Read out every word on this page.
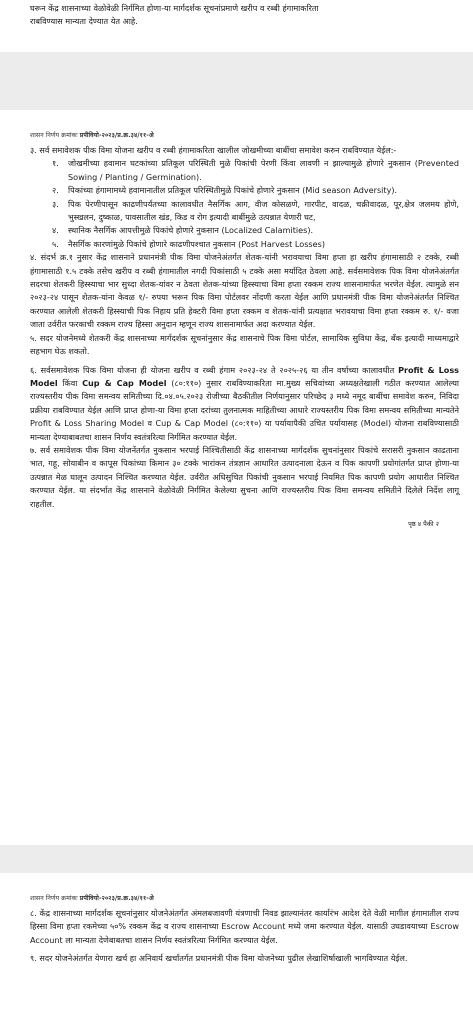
घरून केंद्र शासनाच्या वेळोवेळी निर्गमित होणा-या मार्गदर्शक सूचनांप्रमाणे खरीप व रब्बी हंगामाकरिता

राबविण्यास मान्यता देण्यात येत आहे.

शासन निर्णय क्रमांकः प्रपीवियो-२०२३/प्र.क्र.३४/११-अे

३. सर्व समावेशक पीक विमा योजना खरीप व रब्बी हंगामाकरिता खालील जोखमीच्या बाबींचा समावेश करुन राबविण्यात येईल:-

१. जोखमीच्या हवामान घटकांच्या प्रतिकूल परिस्थिती मुळे पिकांची पेरणी किंवा लावणी न झाल्यामुळे होणारे नुकसान (Prevented Sowing / Planting / Germination).
२. पिकांच्या हंगामामध्ये हवामानातील प्रतिकूल परिस्थितीमुळे पिकांचे होणारे नुकसान (Mid season Adversity).
३. पिक पेरणीपासून काढणीपर्यंतच्या कालावधीत नैसर्गिक आग, वीज कोसळणे, गारपीट, वादळ, चक्रीवादळ, पूर,क्षेत्र जलमय होणे, भुस्खलन, दुष्काळ, पावसातील खंड, किड व रोग इत्यादी बाबींमुळे उत्पन्नात येणारी घट,
४. स्थानिक नैसर्गिक आपत्तीमुळे पिकांचे होणारे नुकसान (Localized Calamities).
५. नैसर्गिक कारणांमुळे पिकांचे होणारे काढणीपश्चात नुकसान (Post Harvest Losses)

४. संदर्भ क्र.१ नुसार केंद्र शासनाने प्रधानमंत्री पीक विमा योजनेअंतर्गत शेतक-यांनी भरावयाचा विमा हप्ता हा खरीप हंगामासाठी २ टक्के, रब्बी हंगामासाठी १.५ टक्के तसेच खरीप व रब्बी हंगामातील नगदी पिकांसाठी ५ टक्के असा मर्यादित ठेवला आहे. सर्वसमावेशक पिक विमा योजनेअंतर्गत सदरचा शेतकरी हिस्स्याचा भार सुध्दा शेतक-यांवर न ठेवता शेतक-यांच्या हिस्स्याचा विमा हप्ता रक्कम राज्य शासनामार्फत भरणेत येईल. त्यामुळे सन २०२३-२४ पासून शेतक-यांना केवळ १/- रुपया भरून पिक विमा पोर्टलवर नोंदणी करता येईल आणि प्रधानमंत्री पीक विमा योजनेअंतर्गत निश्चित करण्यात आलेली शेतकरी हिस्स्याची पिक निहाय प्रति हेक्टरी विमा हप्ता रक्कम व शेतक-यांनी प्रत्यक्षात भरावयाचा विमा हप्ता रक्कम रु. १/- वजा जाता उर्वरीत फरकाची रक्कम राज्य हिस्सा अनुदान म्हणून राज्य शासनामार्फत अदा करण्यात येईल.

५. सदर योजनेमध्ये शेतकरी केंद्र शासनाच्या मार्गदर्शक सूचनांनुसार केंद्र शासनाचे पिक विमा पोर्टल, सामायिक सुविधा केंद्र, बँक इत्यादी माध्यमाद्वारे सहभाग घेऊ शकतो.

६. सर्वसमावेशक पिक विमा योजना ही योजना खरीप व रब्बी हंगाम २०२३-२४ ते २०२५-२६ या तीन वर्षाच्या कालावधीत Profit & Loss Model किंवा Cup & Cap Model (८०:११०) नुसार राबविण्याकरिता मा.मुख्य सचिवांच्या अध्यक्षतेखाली गठीत करण्यात आलेल्या राज्यस्तरीय पीक विमा समन्वय समितीच्या दि.०४.०५.२०२३ रोजीच्या बैठकीतील निर्णयानुसार परिच्छेद ३ मध्ये नमूद बाबींचा समावेश करुन, निविदा प्रक्रीया राबविण्यात येईल आणि प्राप्त होणा-या विमा हप्ता दरांच्या तुलनात्मक माहितीच्या आधारे राज्यस्तरीय पिक विमा समन्वय समितीच्या मान्यतेने Profit & Loss Sharing Model व Cup & Cap Model (८०:११०) या पर्यायापैकी उचित पर्यायासह (Model) योजना राबविण्यासाठी मान्यता देण्याबाबतचा शासन निर्णय स्वतंत्ररित्या निर्गमित करण्यात येईल.

७. सर्व समावेशक पीक विमा योजनेंतर्गत नुकसान भरपाई निश्चितीसाठी केंद्र शासनाच्या मार्गदर्शक सुचनांनुसार पिकांचे सरासरी नुकसान काढताना भात, गहू, सोयाबीन व कापूस पिकांच्या किमान ३० टक्के भारांकन तंत्रज्ञान आधारित उत्पादनाला देऊन व पिक कापणी प्रयोगांतर्गत प्राप्त होणा-या उत्पन्नात मेळ घालून उत्पादन निश्चित करण्यात येईल. उर्वरीत अधिसुचित पिकांची नुकसान भरपाई नियमित पिक कापणी प्रयोग आधारीत निश्चित करण्यात येईल. या संदर्भात केंद्र शासनाने वेळोवेळी निर्गमित केलेल्या सुचना आणि राज्यस्तरीय पिक विमा समन्वय समितीने दिलेले निर्देश लागू राहतील.

पृष्ठ ४ पैकी २
शासन निर्णय क्रमांकः प्रपीवियो-२०२३/प्र.क्र.३४/११-अे

८. केंद्र शासनाच्या मार्गदर्शक सूचनांनुसार योजनेअंतर्गत अंमलबजावणी यंत्रणाची निवड झाल्यानंतर कार्यारंभ आदेश देते वेळी मागील हंगामातील राज्य हिस्सा विमा हप्ता रकमेच्या ५०% रक्कम केंद्र व राज्य शासनाच्या Escrow Account मध्ये जमा करण्यात येईल. यासाठी उघडावयाच्या Escrow Account ला मान्यता देणेबाबतचा शासन निर्णय स्वतंत्ररित्या निर्गमित करण्यात येईल.

९. सदर योजनेअंतर्गत येणारा खर्च हा अनिवार्य खर्चांतर्गत प्रधानमंत्री पीक विमा योजनेच्या पुढील लेखाशिर्षाखाली भागविण्यात येईल.
